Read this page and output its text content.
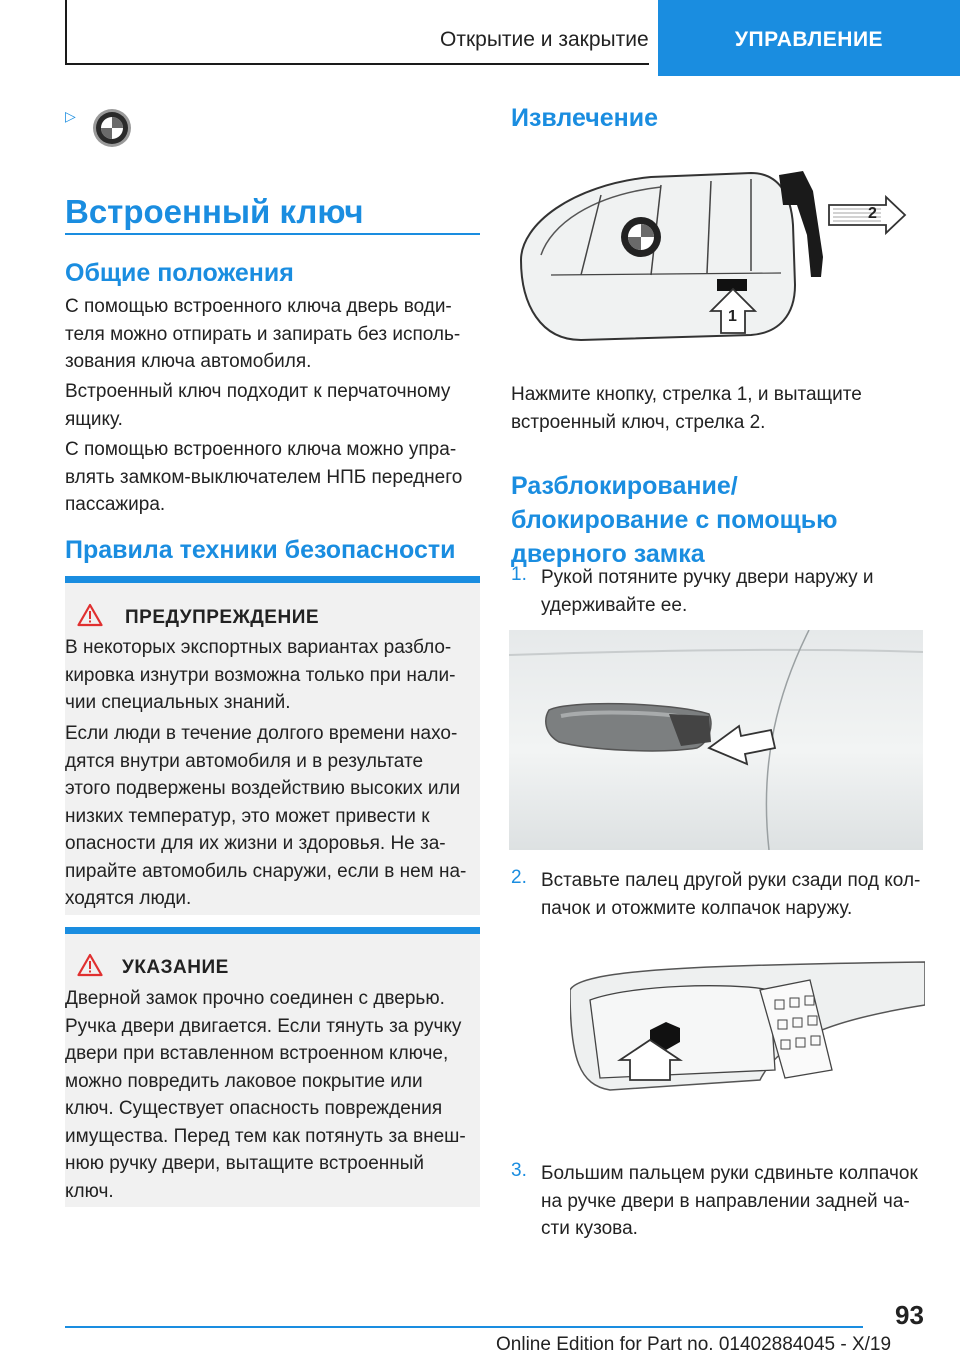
Открытие и закрытие	УПРАВЛЕНИЕ
▷
Встроенный ключ
Общие положения
С помощью встроенного ключа дверь води-
теля можно отпирать и запирать без исполь-
зования ключа автомобиля.
Встроенный ключ подходит к перчаточному
ящику.
С помощью встроенного ключа можно упра-
влять замком-выключателем НПБ переднего
пассажира.
Правила техники безопасности
ПРЕДУПРЕЖДЕНИЕ
В некоторых экспортных вариантах разбло-
кировка изнутри возможна только при нали-
чии специальных знаний.
Если люди в течение долгого времени нахо-
дятся внутри автомобиля и в результате
этого подвержены воздействию высоких или
низких температур, это может привести к
опасности для их жизни и здоровья. Не за-
пирайте автомобиль снаружи, если в нем на-
ходятся люди.
УКАЗАНИЕ
Дверной замок прочно соединен с дверью.
Ручка двери двигается. Если тянуть за ручку
двери при вставленном встроенном ключе,
можно повредить лаковое покрытие или
ключ. Существует опасность повреждения
имущества. Перед тем как потянуть за внеш-
нюю ручку двери, вытащите встроенный
ключ.
Извлечение
1
2
Нажмите кнопку, стрелка 1, и вытащите
встроенный ключ, стрелка 2.
Разблокирование/
блокирование с помощью
дверного замка
1. Рукой потяните ручку двери наружу и
удерживайте ее.
2. Вставьте палец другой руки сзади под кол-
пачок и отожмите колпачок наружу.
3. Большим пальцем руки сдвиньте колпачок
на ручке двери в направлении задней ча-
сти кузова.
93
Online Edition for Part no. 01402884045 - X/19
